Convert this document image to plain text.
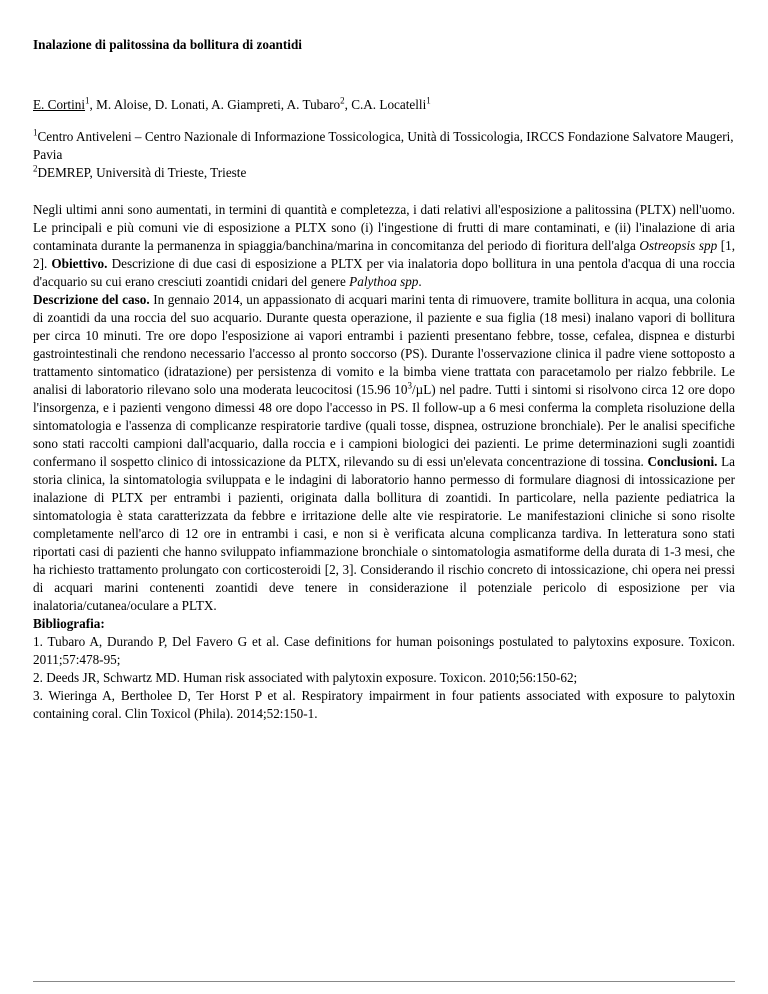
Inalazione di palitossina da bollitura di zoantidi
E. Cortini$^1$, M. Aloise, D. Lonati, A. Giampreti, A. Tubaro$^2$, C.A. Locatelli$^1$
$^1$Centro Antiveleni – Centro Nazionale di Informazione Tossicologica, Unità di Tossicologia, IRCCS Fondazione Salvatore Maugeri, Pavia
$^2$DEMREP, Università di Trieste, Trieste
Negli ultimi anni sono aumentati, in termini di quantità e completezza, i dati relativi all'esposizione a palitossina (PLTX) nell'uomo. Le principali e più comuni vie di esposizione a PLTX sono (i) l'ingestione di frutti di mare contaminati, e (ii) l'inalazione di aria contaminata durante la permanenza in spiaggia/banchina/marina in concomitanza del periodo di fioritura dell'alga Ostreopsis spp [1, 2]. Obiettivo. Descrizione di due casi di esposizione a PLTX per via inalatoria dopo bollitura in una pentola d'acqua di una roccia d'acquario su cui erano cresciuti zoantidi cnidari del genere Palythoa spp.
Descrizione del caso. In gennaio 2014, un appassionato di acquari marini tenta di rimuovere, tramite bollitura in acqua, una colonia di zoantidi da una roccia del suo acquario. Durante questa operazione, il paziente e sua figlia (18 mesi) inalano vapori di bollitura per circa 10 minuti. Tre ore dopo l'esposizione ai vapori entrambi i pazienti presentano febbre, tosse, cefalea, dispnea e disturbi gastrointestinali che rendono necessario l'accesso al pronto soccorso (PS). Durante l'osservazione clinica il padre viene sottoposto a trattamento sintomatico (idratazione) per persistenza di vomito e la bimba viene trattata con paracetamolo per rialzo febbrile. Le analisi di laboratorio rilevano solo una moderata leucocitosi (15.96 $10^3/\mu L$) nel padre. Tutti i sintomi si risolvono circa 12 ore dopo l'insorgenza, e i pazienti vengono dimessi 48 ore dopo l'accesso in PS. Il follow-up a 6 mesi conferma la completa risoluzione della sintomatologia e l'assenza di complicanze respiratorie tardive (quali tosse, dispnea, ostruzione bronchiale). Per le analisi specifiche sono stati raccolti campioni dall'acquario, dalla roccia e i campioni biologici dei pazienti. Le prime determinazioni sugli zoantidi confermano il sospetto clinico di intossicazione da PLTX, rilevando su di essi un'elevata concentrazione di tossina. Conclusioni. La storia clinica, la sintomatologia sviluppata e le indagini di laboratorio hanno permesso di formulare diagnosi di intossicazione per inalazione di PLTX per entrambi i pazienti, originata dalla bollitura di zoantidi. In particolare, nella paziente pediatrica la sintomatologia è stata caratterizzata da febbre e irritazione delle alte vie respiratorie. Le manifestazioni cliniche si sono risolte completamente nell'arco di 12 ore in entrambi i casi, e non si è verificata alcuna complicanza tardiva. In letteratura sono stati riportati casi di pazienti che hanno sviluppato infiammazione bronchiale o sintomatologia asmatiforme della durata di 1-3 mesi, che ha richiesto trattamento prolungato con corticosteroidi [2, 3]. Considerando il rischio concreto di intossicazione, chi opera nei pressi di acquari marini contenenti zoantidi deve tenere in considerazione il potenziale pericolo di esposizione per via inalatoria/cutanea/oculare a PLTX.
Bibliografia:
1. Tubaro A, Durando P, Del Favero G et al. Case definitions for human poisonings postulated to palytoxins exposure. Toxicon. 2011;57:478-95;
2. Deeds JR, Schwartz MD. Human risk associated with palytoxin exposure. Toxicon. 2010;56:150-62;
3. Wieringa A, Bertholee D, Ter Horst P et al. Respiratory impairment in four patients associated with exposure to palytoxin containing coral. Clin Toxicol (Phila). 2014;52:150-1.
